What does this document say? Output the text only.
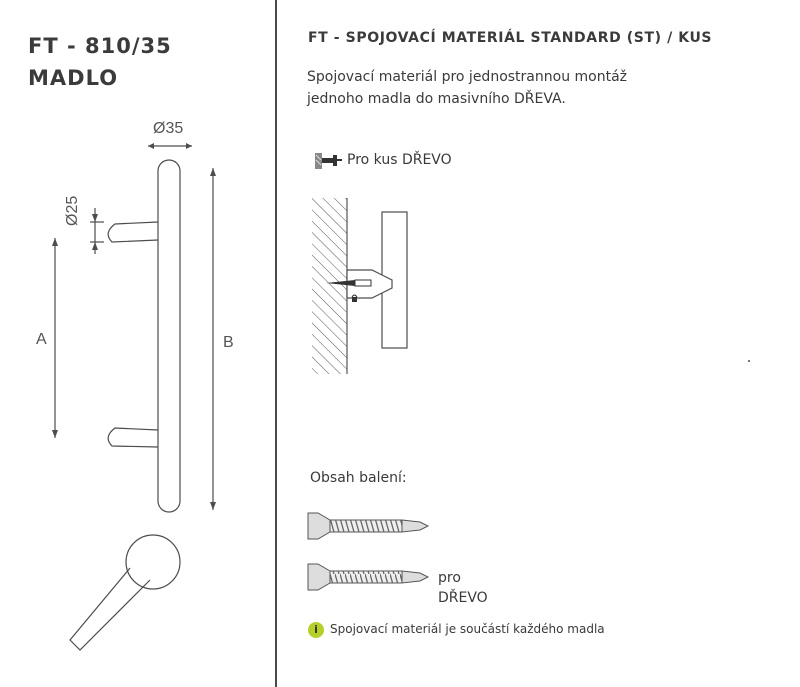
FT - 810/35
MADLO
Ø35
Ø25
A	B
FT - SPOJOVACÍ MATERIÁL STANDARD (ST) / KUS
Spojovací materiál pro jednostrannou montáž
jednoho madla do masivního DŘEVA.
Pro kus DŘEVO
Obsah balení:
pro
DŘEVO
i	Spojovací materiál je součástí každého madla
